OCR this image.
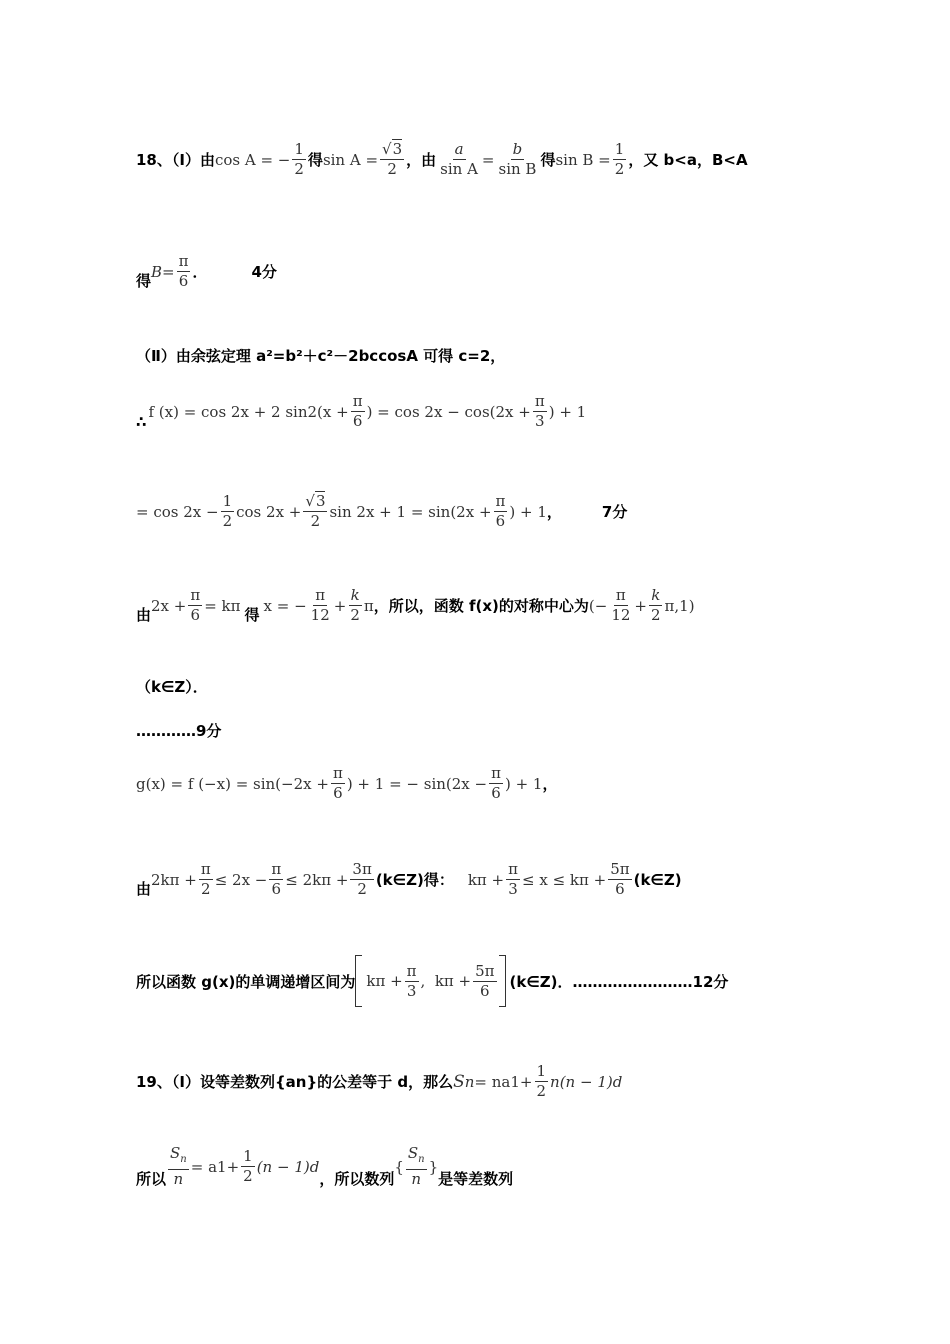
18、（Ⅰ）由 cos A = − $\frac{1}{2}$ 得 $\sin A = \frac{√3}{2}$ ，由 $\frac{a}{\text{sin A}} = \frac{b}{\text{sin B}}$ 得 $\sin B = \frac{1}{2}$ ，又 b<a，B<A
得
$B= \frac{\pi}{6}$ ．	4分
（Ⅱ）由余弦定理 a²=b²＋c²－2bccosA 可得 c=2，
∴
f (x) = cos 2x + 2 sin 2 ($x + \frac{\pi}{6}$ ) = $\cos 2x - \cos(2x + \frac{\pi}{3}$ ) + 1
= $\cos 2x - \frac{1}{2}$ $\cos 2x + \frac{√3}{2}$ $\sin 2x + 1 = \sin(2x + \frac{\pi}{6}$ ) + 1 ，	7分
由
$2x + \frac{\pi}{6} = k\pi$
得
x = − $\frac{\pi}{12} + \frac{k}{2}$ π ，所以，函数 f(x)的对称中心为 (− $\frac{\pi}{12} + \frac{k}{2} \pi,1$)
（k∈Z）．
…………9分
g(x) = f $(-x) = \sin(-2x + \frac{\pi}{6}$ ) + 1 = − $\sin(2x - \frac{\pi}{6}$ ) + 1 ，
由
$2k\pi + \frac{\pi}{2} \le 2x - \frac{\pi}{6} \le 2k\pi + \frac{3\pi}{2}$ (k∈Z)得： $k\pi + \frac{\pi}{3} \le x \le k\pi + \frac{5\pi}{6}$ (k∈Z)
所以函数 g(x)的单调递增区间为 $k\pi + \frac{\pi}{3}$ ,  $k\pi + \frac{5\pi}{6}$ (k∈Z)． ……………………12分
19、（Ⅰ）设等差数列{a n }的公差等于 d，那么 S n = na $1 + \frac{1}{2} n(n - 1)d$
所以 $\frac{S_n}{n} = a$ $1 + \frac{1}{2} (n - 1)d$
，所以数列
{ $\frac{S_n}{n}$ }
是等差数列
